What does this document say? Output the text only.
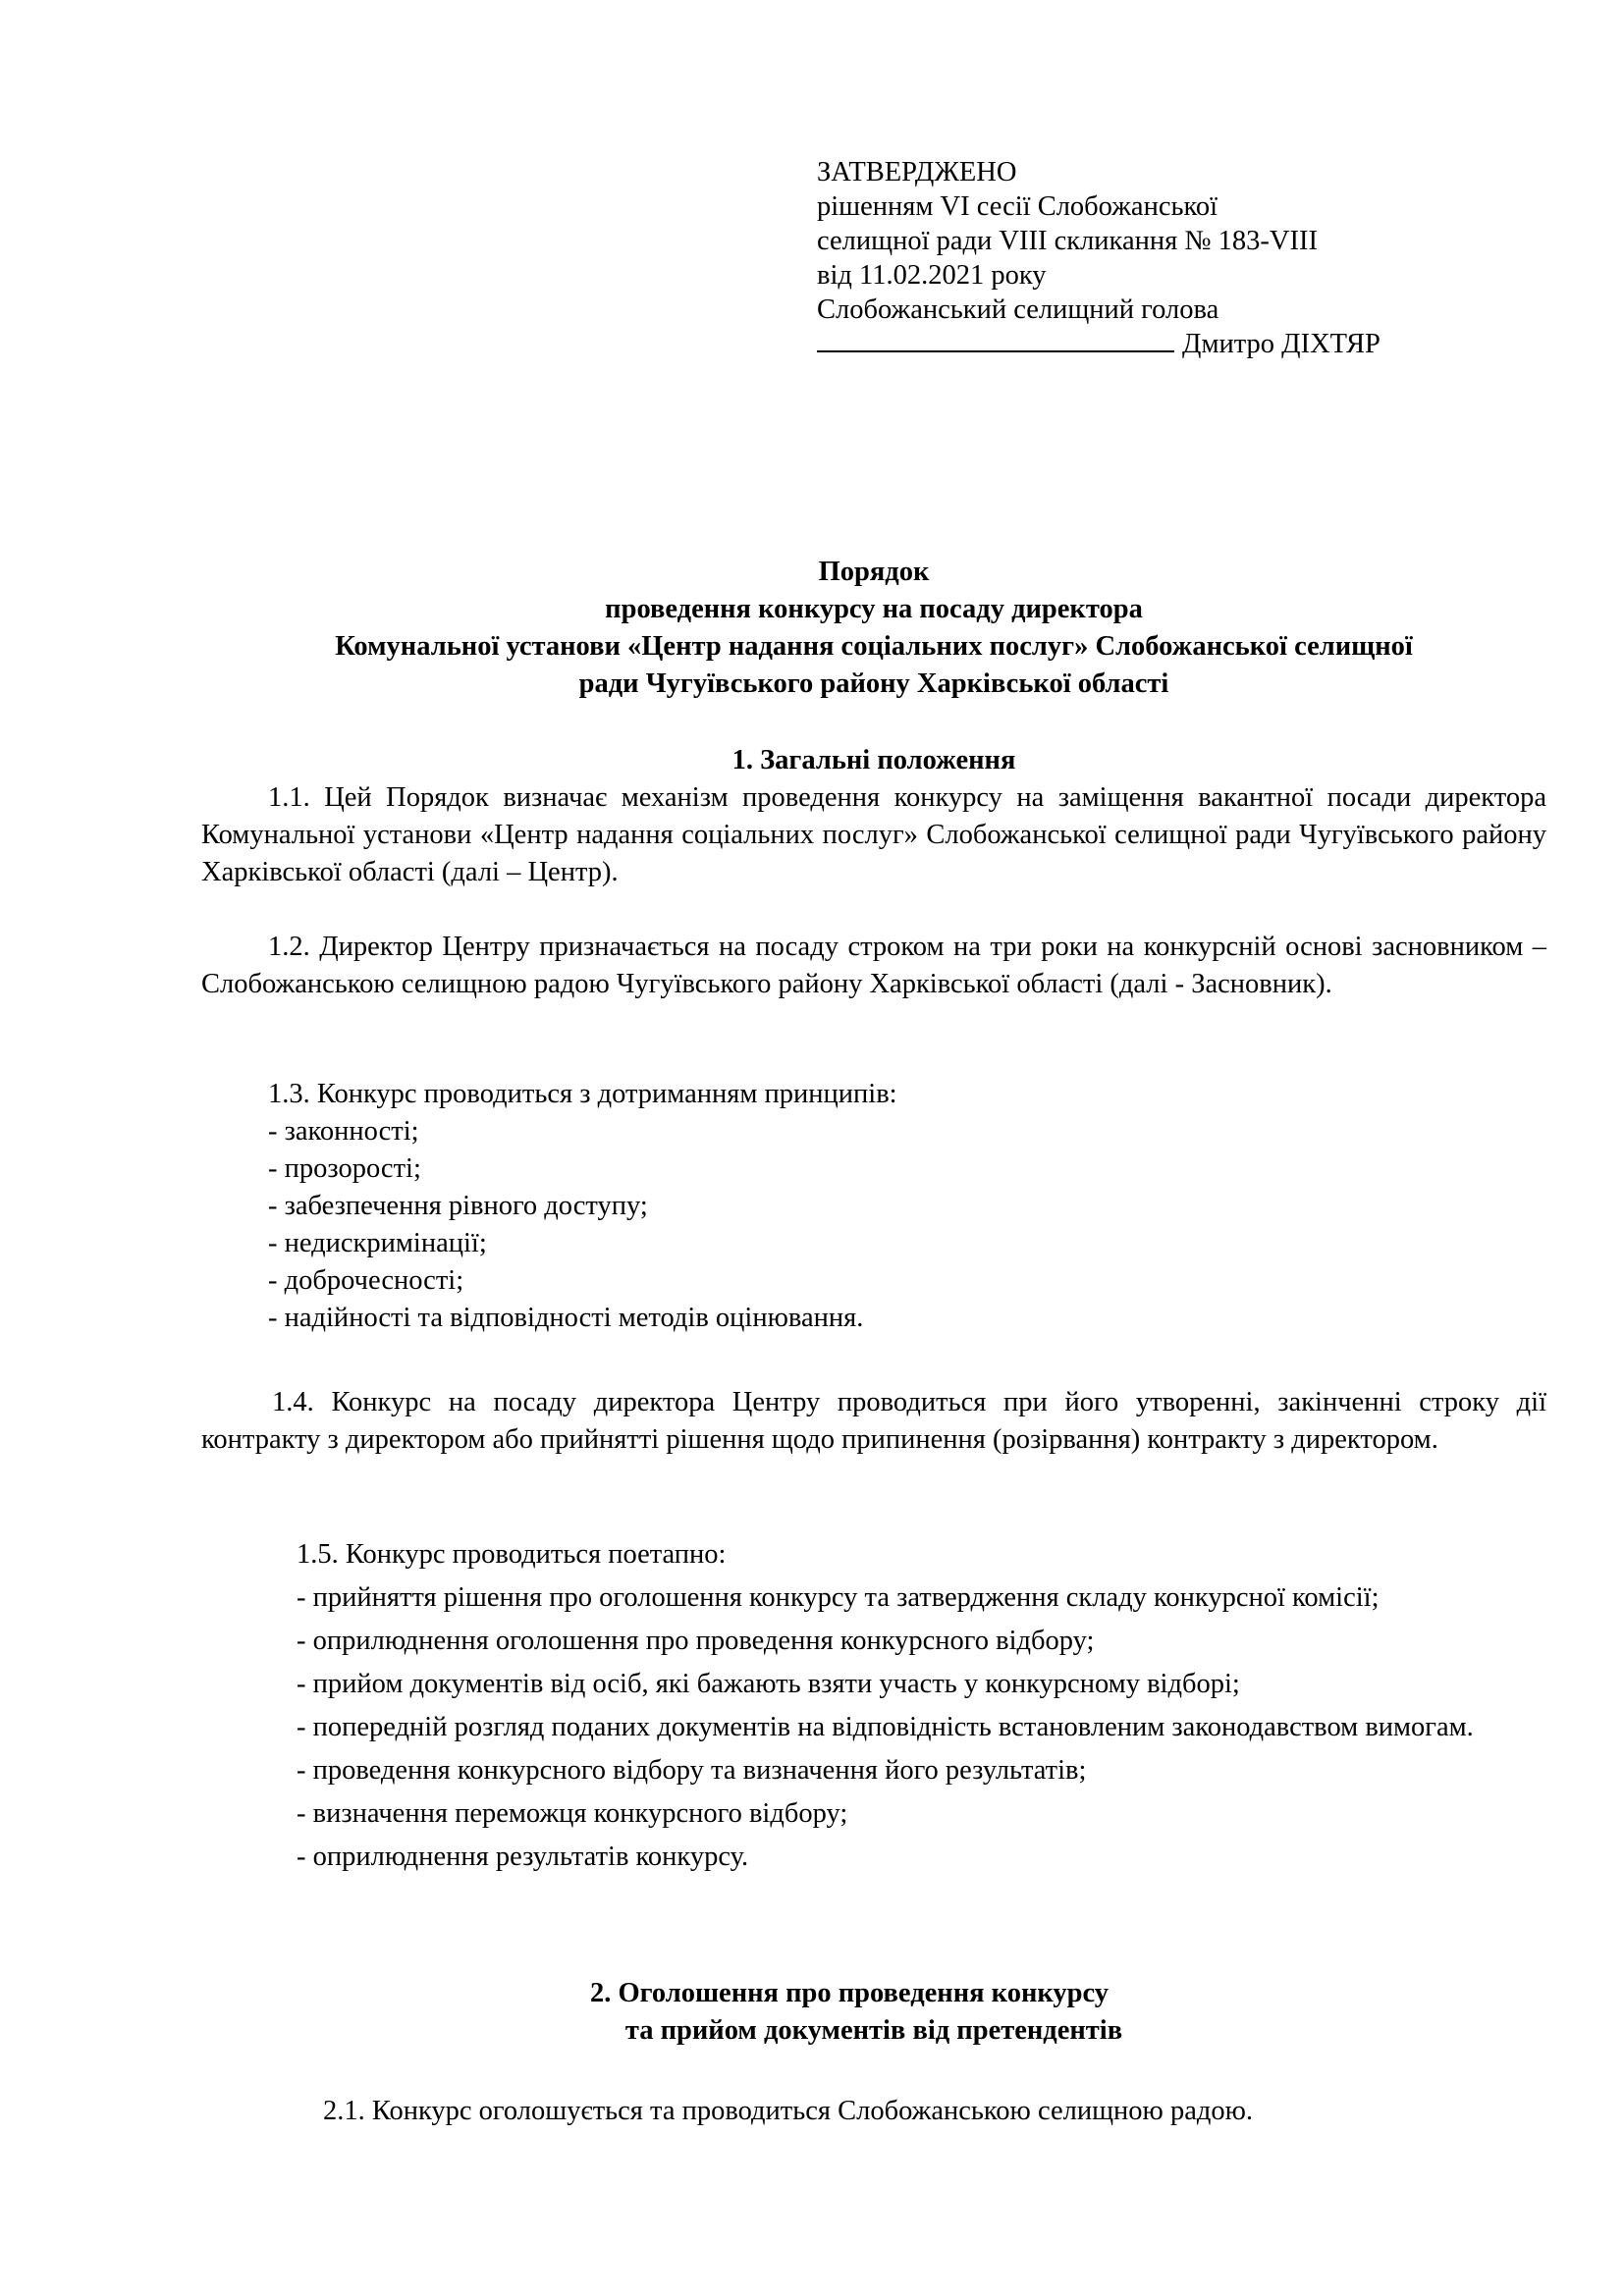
ЗАТВЕРДЖЕНО
рішенням VI сесії Слобожанської
селищної ради VIII скликання № 183-VIII
від 11.02.2021 року
Слобожанський селищний голова
Дмитро ДІХТЯР
Порядок
проведення конкурсу на посаду директора
Комунальної установи «Центр надання соціальних послуг» Слобожанської селищної
ради Чугуївського району Харківської області
1. Загальні положення
1.1. Цей Порядок визначає механізм проведення конкурсу на заміщення вакантної посади директора Комунальної установи «Центр надання соціальних послуг» Слобожанської селищної ради Чугуївського району Харківської області (далі – Центр).
1.2. Директор Центру призначається на посаду строком на три роки на конкурсній основі засновником – Слобожанською селищною радою Чугуївського району Харківської області (далі - Засновник).
1.3. Конкурс проводиться з дотриманням принципів:
- законності;
- прозорості;
- забезпечення рівного доступу;
- недискримінації;
- доброчесності;
- надійності та відповідності методів оцінювання.
1.4. Конкурс на посаду директора Центру проводиться при його утворенні, закінченні строку дії контракту з директором або прийнятті рішення щодо припинення (розірвання) контракту з директором.
1.5. Конкурс проводиться поетапно:
- прийняття рішення про оголошення конкурсу та затвердження складу конкурсної комісії;
- оприлюднення оголошення про проведення конкурсного відбору;
- прийом документів від осіб, які бажають взяти участь у конкурсному відборі;
- попередній розгляд поданих документів на відповідність встановленим законодавством вимогам.
- проведення конкурсного відбору та визначення його результатів;
- визначення переможця конкурсного відбору;
- оприлюднення результатів конкурсу.
2. Оголошення про проведення конкурсу
та прийом документів від претендентів
2.1. Конкурс оголошується та проводиться Слобожанською селищною радою.
